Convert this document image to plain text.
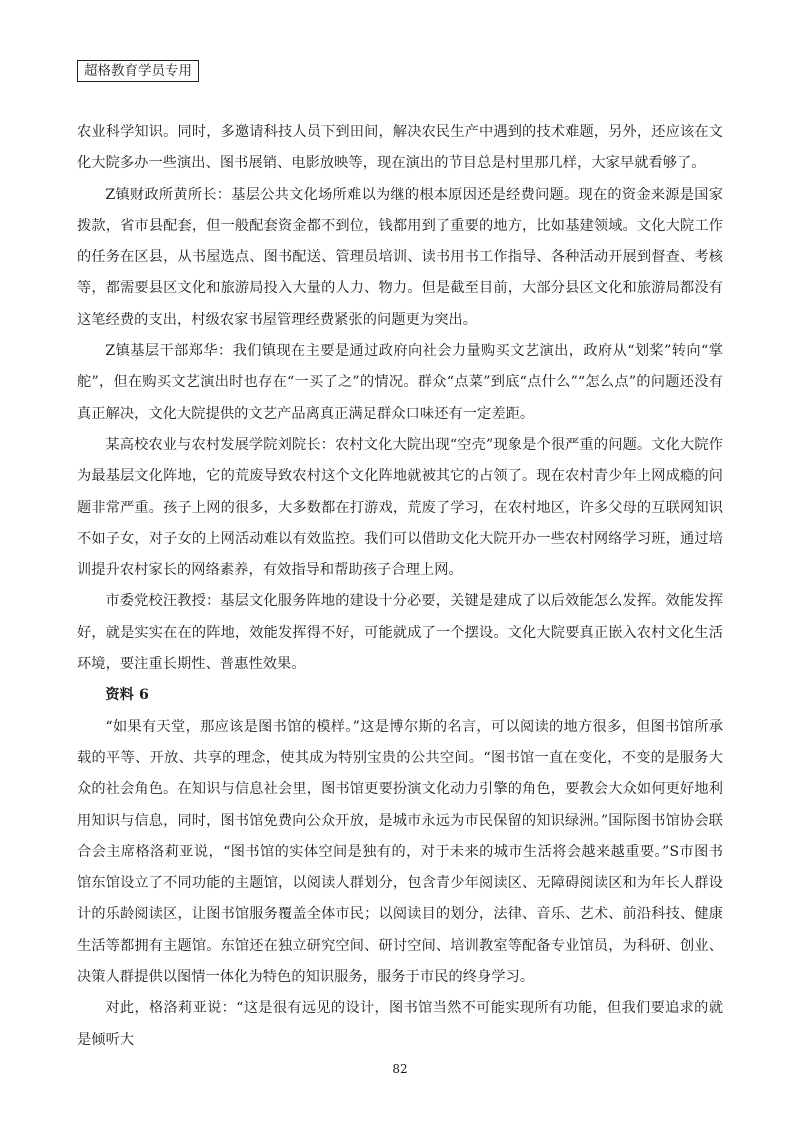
超格教育学员专用

农业科学知识。同时，多邀请科技人员下到田间，解决农民生产中遇到的技术难题，另外，还应该在文化大院多办一些演出、图书展销、电影放映等，现在演出的节目总是村里那几样，大家早就看够了。

Z镇财政所黄所长：基层公共文化场所难以为继的根本原因还是经费问题。现在的资金来源是国家拨款，省市县配套，但一般配套资金都不到位，钱都用到了重要的地方，比如基建领域。文化大院工作的任务在区县，从书屋选点、图书配送、管理员培训、读书用书工作指导、各种活动开展到督查、考核等，都需要县区文化和旅游局投入大量的人力、物力。但是截至目前，大部分县区文化和旅游局都没有这笔经费的支出，村级农家书屋管理经费紧张的问题更为突出。

Z镇基层干部郑华：我们镇现在主要是通过政府向社会力量购买文艺演出，政府从“划桨”转向“掌舵”，但在购买文艺演出时也存在“一买了之”的情况。群众“点菜”到底“点什么”“怎么点”的问题还没有真正解决，文化大院提供的文艺产品离真正满足群众口味还有一定差距。

某高校农业与农村发展学院刘院长：农村文化大院出现“空壳”现象是个很严重的问题。文化大院作为最基层文化阵地，它的荒废导致农村这个文化阵地就被其它的占领了。现在农村青少年上网成瘾的问题非常严重。孩子上网的很多，大多数都在打游戏，荒废了学习，在农村地区，许多父母的互联网知识不如子女，对子女的上网活动难以有效监控。我们可以借助文化大院开办一些农村网络学习班，通过培训提升农村家长的网络素养，有效指导和帮助孩子合理上网。

市委党校汪教授：基层文化服务阵地的建设十分必要，关键是建成了以后效能怎么发挥。效能发挥好，就是实实在在的阵地，效能发挥得不好，可能就成了一个摆设。文化大院要真正嵌入农村文化生活环境，要注重长期性、普惠性效果。

资料 6

“如果有天堂，那应该是图书馆的模样。”这是博尔斯的名言，可以阅读的地方很多，但图书馆所承载的平等、开放、共享的理念，使其成为特别宝贵的公共空间。“图书馆一直在变化，不变的是服务大众的社会角色。在知识与信息社会里，图书馆更要扮演文化动力引擎的角色，要教会大众如何更好地利用知识与信息，同时，图书馆免费向公众开放，是城市永远为市民保留的知识绿洲。”国际图书馆协会联合会主席格洛莉亚说，“图书馆的实体空间是独有的，对于未来的城市生活将会越来越重要。”S市图书馆东馆设立了不同功能的主题馆，以阅读人群划分，包含青少年阅读区、无障碍阅读区和为年长人群设计的乐龄阅读区，让图书馆服务覆盖全体市民；以阅读目的划分，法律、音乐、艺术、前沿科技、健康生活等都拥有主题馆。东馆还在独立研究空间、研讨空间、培训教室等配备专业馆员，为科研、创业、决策人群提供以图情一体化为特色的知识服务，服务于市民的终身学习。

对此，格洛莉亚说：“这是很有远见的设计，图书馆当然不可能实现所有功能，但我们要追求的就是倾听大

82
